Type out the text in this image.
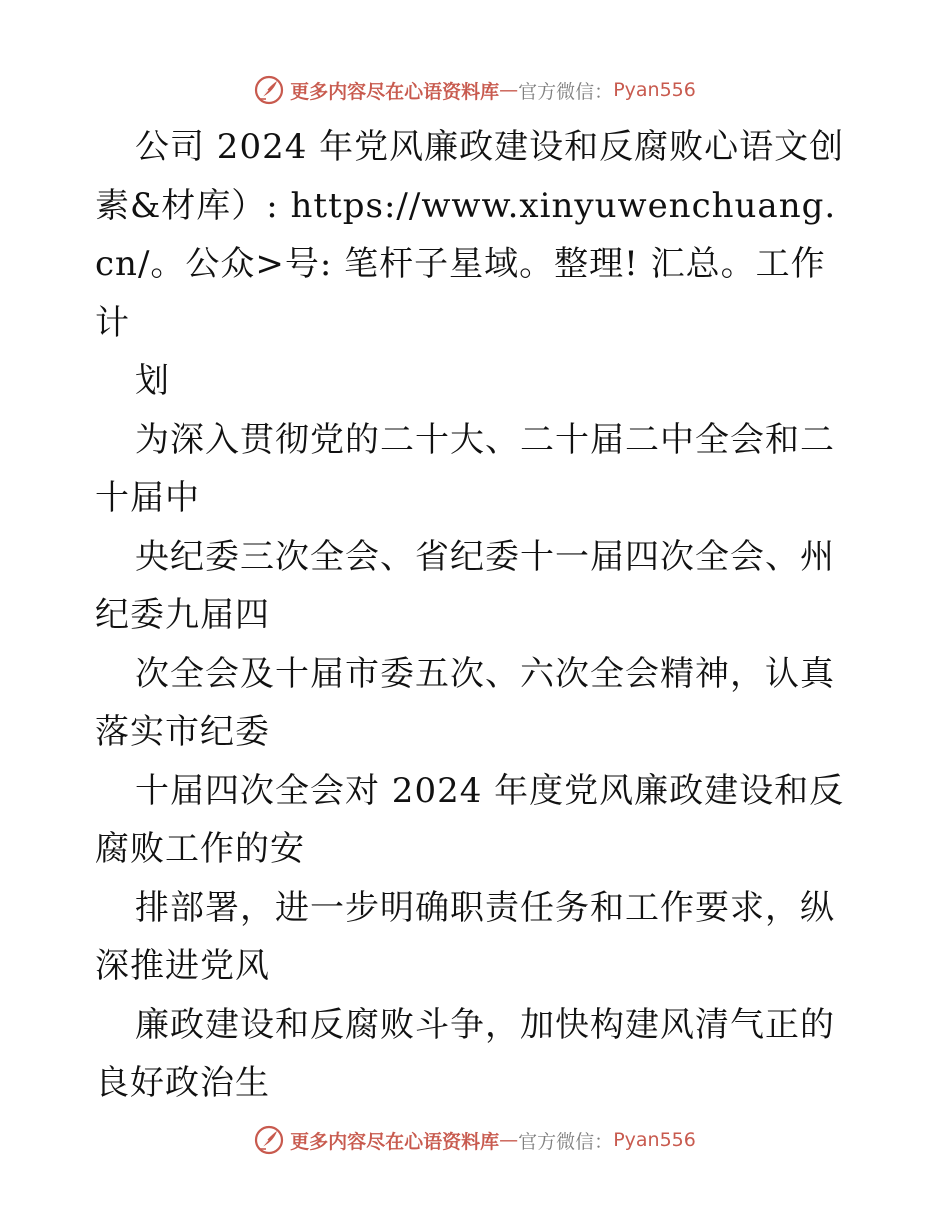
更多内容尽在心语资料库 — 官方微信： Pyan556

公司 2024 年党风廉政建设和反腐败心语文创素&材库）: https://www.xinyuwenchuang.cn/。公众>号: 笔杆子星域。整理! 汇总。工作计

划

为深入贯彻党的二十大、二十届二中全会和二十届中

央纪委三次全会、省纪委十一届四次全会、州纪委九届四

次全会及十届市委五次、六次全会精神，认真落实市纪委

十届四次全会对 2024 年度党风廉政建设和反腐败工作的安

排部署，进一步明确职责任务和工作要求，纵深推进党风

廉政建设和反腐败斗争，加快构建风清气正的良好政治生

更多内容尽在心语资料库 — 官方微信： Pyan556
